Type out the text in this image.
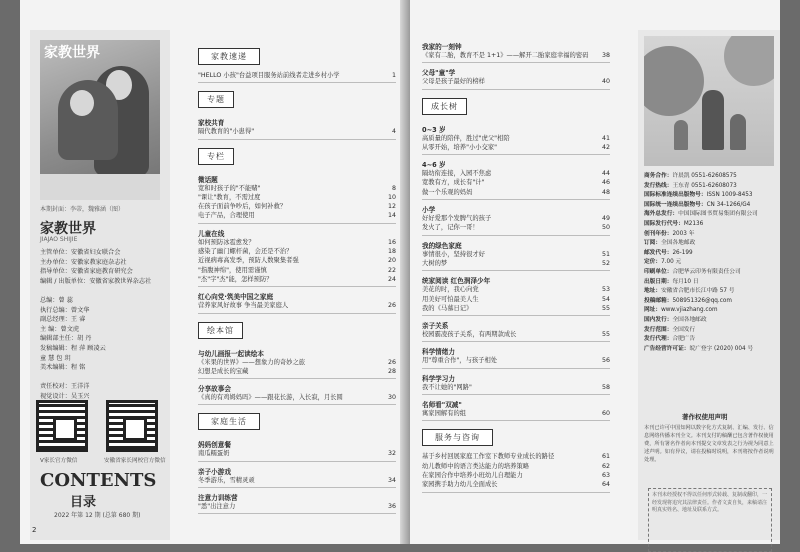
家教世界
本期封面：李蒂，魏雅涵（图）
家教世界
JIAJAO SHIJIE
主管单位：安徽省妇女联合会
主办单位：安徽家教家庭杂志社
指导单位：安徽省家庭教育研究会
编辑 / 出版单位：安徽省家教世界杂志社

总编：曾 蕊
执行总编：曾文华
副总经理：王 睿
主 编：曾文虎
编辑部主任：胡 丹
发稿编辑：程 萍 顾凌云
童 慧 包 玥
美术编辑：程 铭

责任校对：王洋洋
视觉设计：吴玉兴
V家长官方微信	安徽省家长网校官方微信
CONTENTS
目录
2022 年第 12 期 (总第 680 期)
2
家教速递
"HELLO 小孩"台益项目服务站前线者走进乡村小学	1
专题
家校共育
隔代教育的"小患得"	4
专栏
微话题
宽和时孩子的"不能赌"	8
"课让"教育，不需过度	10
在孩子面前争吵后，如何补救？	12
电子产品，合理使用	14
儿童在线
如何预防冰雹愈发？	16
感染了幽门螺杆菌，会还是不治？	18
近视病毒高发季，预防人数聚集者强	20
"指腹神绵"，使用需谨慎	22
"杰"字"杰"能，怎样预防？	24
红心向党·筑美中国之家庭
营养家风好故事 争当最美家庭人	26
绘本馆
与幼儿画报一起读绘本
《米果的世界》——想象力的奇妙之旅	26
幻想是成长的宝藏	28
分享故事会
《真的有鸡姆妈吗》——跟花长游，入长寂，月长圆	30
家庭生活
妈妈创意餐
南瓜糯蛋奶	32
亲子小游戏
冬季游乐，雪精灵顽	34
注意力训练营
"悉"出注意力	36
我家的一刻钟
《家有二胎，教育不是 1+1》——解开二胎家庭幸福的密码 38
父母"童"学
父母是孩子最好的榜样	40
成长树
0~3 岁
高质量的陪伴，胜过"虎父"相陪	41
从零开始，培养"小小交家"	42
4~6 岁
隔幼衔连接，入园不焦虑	44
宽教有方，成长有"计"	46
做一个乐观的妈妈	48
小学
好好爱那个发脾气的孩子	49
发火了，记你一哥！	50
我的绿色家庭
事情很小，坚持很才好	51
大树的梦	52
统家阅读 红色润泽少年
美花的时，我心向党	53
用美好可怕最美人生	54
我的《马慕日记》	55
亲子关系
校园霸凌孩子关系，有两期款成长	55
科学情绪力
用"尊重合作"，与孩子相处	56
科学学习力
我不让她的"网路"	58
名师看"双减"
寓家园解有的组	60
服务与咨询
基于乡村回展家庭工作室下教师专业成长的路径	61
幼儿教师中的语言类达能力的培养策略	62
在家园合作中培养小班幼儿自理能力	63
家园携手助力幼儿全面成长	64
商务合作：许晨凯 0551-62608575
发行热线：王东青 0551-62608073
国际标准连续出版物号：ISSN 1009-8453
国际统一连续出版物号：CN 34-1266/G4
海外总发行：中国国际图书贸易集团有限公司
国际发行代号：M2136
创刊年份：2003 年
订阅：全国各地邮政
邮发代号：26-199
定价：7.00 元
印刷单位：合肥华云印务有限责任公司
出版日期：每月10 日
地址：安徽省合肥市长江中路 57 号
投稿邮箱：508951326@qq.com
网址：www.vjiazhang.com
国内发行：全国各地邮政
发行范围：全国发行
发行代理：合肥广告
广告经营许可证：皖广登字 (2020) 004 号
著作权使用声明
本刊已许可中国知网以数字化方式复制、汇编、发行、信息网络传播本刊全文。本刊支付的稿酬已包含著作权使用费，所有署名作者向本刊提交文章发表之行为视为同意上述声明。如有异议，请在投稿时说明，本刊将按作者说明处理。
本刊未经授权不得以任何形式转载、复制或翻印，一经发现将追究其法律责任。作者文责自负，来稿请注明真实姓名、地址及联系方式。
